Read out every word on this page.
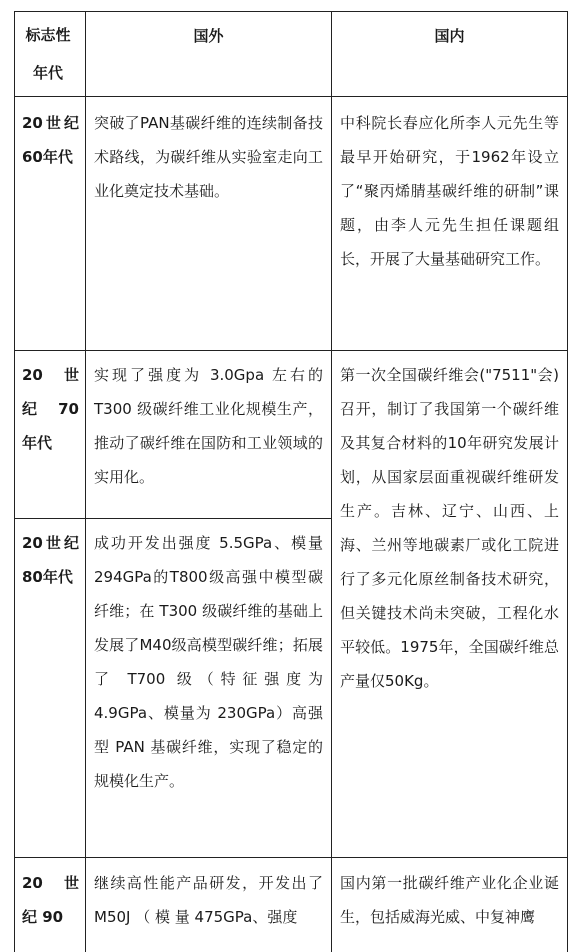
标志性年代
国外	国内
20世纪60年代
突破了PAN基碳纤维的连续制备技术路线，为碳纤维从实验室走向工业化奠定技术基础。
中科院长春应化所李人元先生等最早开始研究，于1962年设立了“聚丙烯腈基碳纤维的研制”课题，由李人元先生担任课题组长，开展了大量基础研究工作。
20 世 纪 70 年代
实现了强度为 3.0Gpa 左右的T300 级碳纤维工业化规模生产，推动了碳纤维在国防和工业领域的实用化。
第一次全国碳纤维会("7511"会)召开，制订了我国第一个碳纤维及其复合材料的10年研究发展计划，从国家层面重视碳纤维研发生产。吉林、辽宁、山西、上海、兰州等地碳素厂或化工院进行了多元化原丝制备技术研究，但关键技术尚未突破，工程化水平较低。1975年，全国碳纤维总产量仅50Kg。
20世纪80年代
成功开发出强度 5.5GPa、模量294GPa的T800级高强中模型碳纤维；在 T300 级碳纤维的基础上 发展了M40级高模型碳纤维；拓展了 T700 级（特征强度为4.9GPa、模量为 230GPa）高强型 PAN 基碳纤维，实现了稳定的规模化生产。
20 世 纪 90
继续高性能产品研发，开发出了M50J （ 模 量 475GPa、强度
国内第一批碳纤维产业化企业诞生，包括威海光威、中复神鹰
